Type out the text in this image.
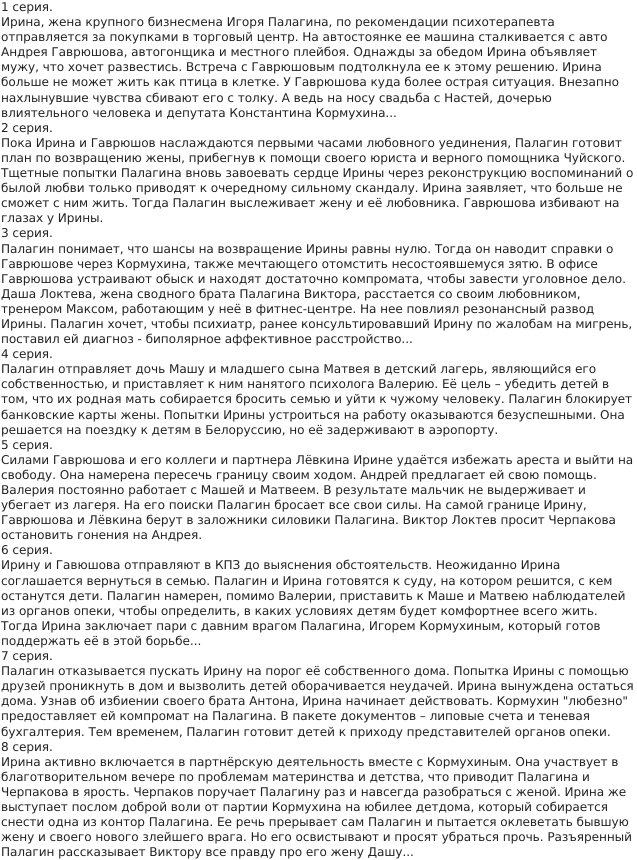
1 серия.
Ирина, жена крупного бизнесмена Игоря Палагина, по рекомендации психотерапевта отправляется за покупками в торговый центр. На автостоянке ее машина сталкивается с авто Андрея Гаврюшова, автогонщика и местного плейбоя. Однажды за обедом Ирина объявляет мужу, что хочет развестись. Встреча с Гаврюшовым подтолкнула ее к этому решению. Ирина больше не может жить как птица в клетке. У Гаврюшова куда более острая ситуация. Внезапно нахлынувшие чувства сбивают его с толку. А ведь на носу свадьба с Настей, дочерью влиятельного человека и депутата Константина Кормухина...
2 серия.
Пока Ирина и Гаврюшов наслаждаются первыми часами любовного уединения, Палагин готовит план по возвращению жены, прибегнув к помощи своего юриста и верного помощника Чуйского. Тщетные попытки Палагина вновь завоевать сердце Ирины через реконструкцию воспоминаний о былой любви только приводят к очередному сильному скандалу. Ирина заявляет, что больше не сможет с ним жить. Тогда Палагин выслеживает жену и её любовника. Гаврюшова избивают на глазах у Ирины.
3 серия.
Палагин понимает, что шансы на возвращение Ирины равны нулю. Тогда он наводит справки о Гаврюшове через Кормухина, также мечтающего отомстить несостоявшемуся зятю. В офисе Гаврюшова устраивают обыск и находят достаточно компромата, чтобы завести уголовное дело. Даша Локтева, жена сводного брата Палагина Виктора, расстается со своим любовником, тренером Максом, работающим у неё в фитнес-центре. На нее повлиял резонансный развод Ирины. Палагин хочет, чтобы психиатр, ранее консультировавший Ирину по жалобам на мигрень, поставил ей диагноз - биполярное аффективное расстройство...
4 серия.
Палагин отправляет дочь Машу и младшего сына Матвея в детский лагерь, являющийся его собственностью, и приставляет к ним нанятого психолога Валерию. Её цель – убедить детей в том, что их родная мать собирается бросить семью и уйти к чужому человеку. Палагин блокирует банковские карты жены. Попытки Ирины устроиться на работу оказываются безуспешными. Она решается на поездку к детям в Белоруссию, но её задерживают в аэропорту.
5 серия.
Силами Гаврюшова и его коллеги и партнера Лёвкина Ирине удаётся избежать ареста и выйти на свободу. Она намерена пересечь границу своим ходом. Андрей предлагает ей свою помощь. Валерия постоянно работает с Машей и Матвеем. В результате мальчик не выдерживает и убегает из лагеря. На его поиски Палагин бросает все свои силы. На самой границе Ирину, Гаврюшова и Лёвкина берут в заложники силовики Палагина. Виктор Локтев просит Черпакова остановить гонения на Андрея.
6 серия.
Ирину и Гавюшова отправляют в КПЗ до выяснения обстоятельств. Неожиданно Ирина соглашается вернуться в семью. Палагин и Ирина готовятся к суду, на котором решится, с кем останутся дети. Палагин намерен, помимо Валерии, приставить к Маше и Матвею наблюдателей из органов опеки, чтобы определить, в каких условиях детям будет комфортнее всего жить. Тогда Ирина заключает пари с давним врагом Палагина, Игорем Кормухиным, который готов поддержать её в этой борьбе...
7 серия.
Палагин отказывается пускать Ирину на порог её собственного дома. Попытка Ирины с помощью друзей проникнуть в дом и вызволить детей оборачивается неудачей. Ирина вынуждена остаться дома. Узнав об избиении своего брата Антона, Ирина начинает действовать. Кормухин "любезно" предоставляет ей компромат на Палагина. В пакете документов – липовые счета и теневая бухгалтерия. Тем временем, Палагин готовит детей к приходу представителей органов опеки.
8 серия.
Ирина активно включается в партнёрскую деятельность вместе с Кормухиным. Она участвует в благотворительном вечере по проблемам материнства и детства, что приводит Палагина и Черпакова в ярость. Черпаков поручает Палагину раз и навсегда разобраться с женой. Ирина же выступает послом доброй воли от партии Кормухина на юбилее детдома, который собирается снести одна из контор Палагина. Ее речь прерывает сам Палагин и пытается оклеветать бывшую жену и своего нового злейшего врага. Но его освистывают и просят убраться прочь. Разъяренный Палагин рассказывает Виктору все правду про его жену Дашу...
